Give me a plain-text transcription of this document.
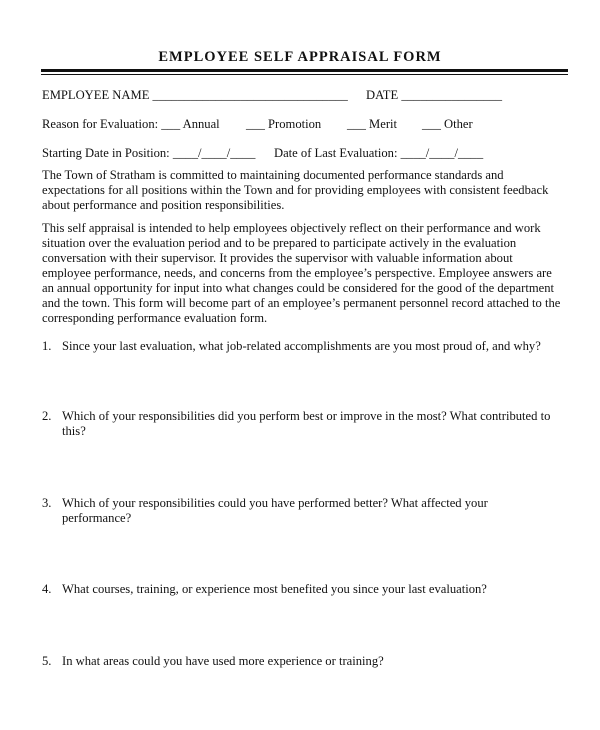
EMPLOYEE SELF APPRAISAL FORM
EMPLOYEE NAME _______________________________ DATE ________________
Reason for Evaluation: ___ Annual ___ Promotion ___ Merit ___ Other
Starting Date in Position: ____/____/____ Date of Last Evaluation: ____/____/____
The Town of Stratham is committed to maintaining documented performance standards and expectations for all positions within the Town and for providing employees with consistent feedback about performance and position responsibilities.
This self appraisal is intended to help employees objectively reflect on their performance and work situation over the evaluation period and to be prepared to participate actively in the evaluation conversation with their supervisor. It provides the supervisor with valuable information about employee performance, needs, and concerns from the employee’s perspective. Employee answers are an annual opportunity for input into what changes could be considered for the good of the department and the town. This form will become part of an employee’s permanent personnel record attached to the corresponding performance evaluation form.
1. Since your last evaluation, what job-related accomplishments are you most proud of, and why?
2. Which of your responsibilities did you perform best or improve in the most? What contributed to this?
3. Which of your responsibilities could you have performed better? What affected your performance?
4. What courses, training, or experience most benefited you since your last evaluation?
5. In what areas could you have used more experience or training?
